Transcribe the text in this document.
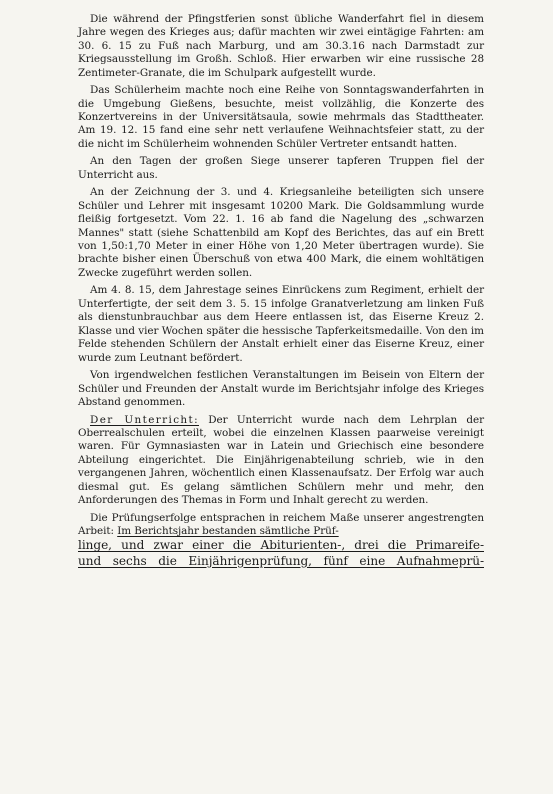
Die während der Pfingstferien sonst übliche Wanderfahrt fiel in diesem Jahre wegen des Krieges aus; dafür machten wir zwei eintägige Fahrten: am 30. 6. 15 zu Fuß nach Marburg, und am 30.3.16 nach Darmstadt zur Kriegsausstellung im Großh. Schloß. Hier erwarben wir eine russische 28 Zentimeter-Granate, die im Schulpark aufgestellt wurde.

Das Schülerheim machte noch eine Reihe von Sonntagswanderfahrten in die Umgebung Gießens, besuchte, meist vollzählig, die Konzerte des Konzertvereins in der Universitätsaula, sowie mehrmals das Stadttheater. Am 19. 12. 15 fand eine sehr nett verlaufene Weihnachtsfeier statt, zu der die nicht im Schülerheim wohnenden Schüler Vertreter entsandt hatten.

An den Tagen der großen Siege unserer tapferen Truppen fiel der Unterricht aus.

An der Zeichnung der 3. und 4. Kriegsanleihe beteiligten sich unsere Schüler und Lehrer mit insgesamt 10200 Mark. Die Goldsammlung wurde fleißig fortgesetzt. Vom 22. 1. 16 ab fand die Nagelung des „schwarzen Mannes" statt (siehe Schattenbild am Kopf des Berichtes, das auf ein Brett von 1,50:1,70 Meter in einer Höhe von 1,20 Meter übertragen wurde). Sie brachte bisher einen Überschuß von etwa 400 Mark, die einem wohltätigen Zwecke zugeführt werden sollen.

Am 4. 8. 15, dem Jahrestage seines Einrückens zum Regiment, erhielt der Unterfertigte, der seit dem 3. 5. 15 infolge Granatverletzung am linken Fuß als dienstunbrauchbar aus dem Heere entlassen ist, das Eiserne Kreuz 2. Klasse und vier Wochen später die hessische Tapferkeitsmedaille. Von den im Felde stehenden Schülern der Anstalt erhielt einer das Eiserne Kreuz, einer wurde zum Leutnant befördert.

Von irgendwelchen festlichen Veranstaltungen im Beisein von Eltern der Schüler und Freunden der Anstalt wurde im Berichtsjahr infolge des Krieges Abstand genommen.

Der Unterricht: Der Unterricht wurde nach dem Lehrplan der Oberrealschulen erteilt, wobei die einzelnen Klassen paarweise vereinigt waren. Für Gymnasiasten war in Latein und Griechisch eine besondere Abteilung eingerichtet. Die Einjährigenabteilung schrieb, wie in den vergangenen Jahren, wöchentlich einen Klassenaufsatz. Der Erfolg war auch diesmal gut. Es gelang sämtlichen Schülern mehr und mehr, den Anforderungen des Themas in Form und Inhalt gerecht zu werden.

Die Prüfungserfolge entsprachen in reichem Maße unserer angestrengten Arbeit: Im Berichtsjahr bestanden sämtliche Prüf-
linge, und zwar einer die Abiturienten-, drei die Primareife-
und sechs die Einjährigenprüfung, fünf eine Aufnahmeprü-
